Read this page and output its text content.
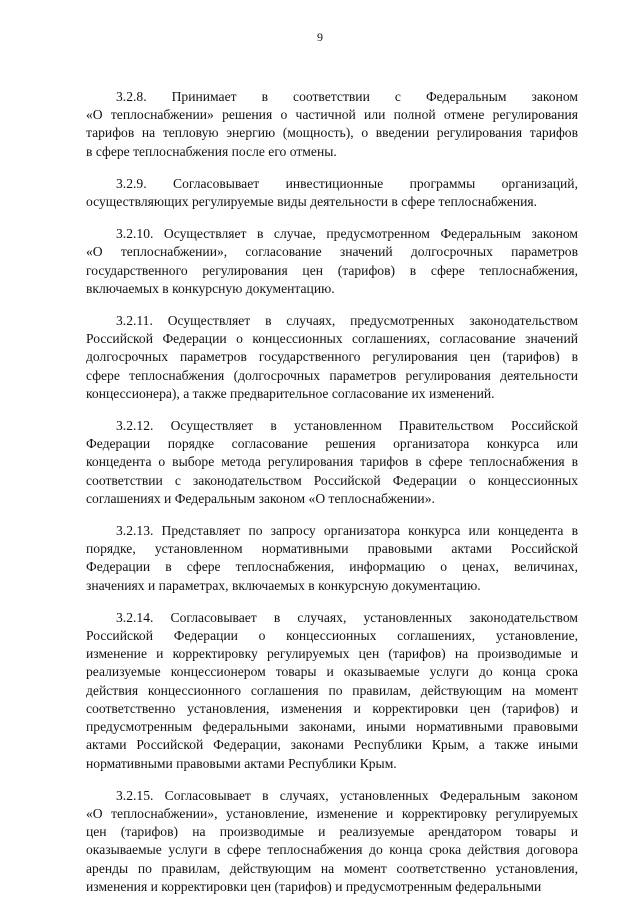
9
3.2.8. Принимает в соответствии с Федеральным законом
«О теплоснабжении» решения о частичной или полной отмене регулирования
тарифов на тепловую энергию (мощность), о введении регулирования тарифов
в сфере теплоснабжения после его отмены.
3.2.9. Согласовывает инвестиционные программы организаций,
осуществляющих регулируемые виды деятельности в сфере теплоснабжения.
3.2.10. Осуществляет в случае, предусмотренном Федеральным законом
«О теплоснабжении», согласование значений долгосрочных параметров
государственного регулирования цен (тарифов) в сфере теплоснабжения,
включаемых в конкурсную документацию.
3.2.11. Осуществляет в случаях, предусмотренных законодательством
Российской Федерации о концессионных соглашениях, согласование значений
долгосрочных параметров государственного регулирования цен (тарифов) в
сфере теплоснабжения (долгосрочных параметров регулирования деятельности
концессионера), а также предварительное согласование их изменений.
3.2.12. Осуществляет в установленном Правительством Российской
Федерации порядке согласование решения организатора конкурса или
концедента о выборе метода регулирования тарифов в сфере теплоснабжения в
соответствии с законодательством Российской Федерации о концессионных
соглашениях и Федеральным законом «О теплоснабжении».
3.2.13. Представляет по запросу организатора конкурса или концедента в
порядке, установленном нормативными правовыми актами Российской
Федерации в сфере теплоснабжения, информацию о ценах, величинах,
значениях и параметрах, включаемых в конкурсную документацию.
3.2.14. Согласовывает в случаях, установленных законодательством
Российской Федерации о концессионных соглашениях, установление,
изменение и корректировку регулируемых цен (тарифов) на производимые и
реализуемые концессионером товары и оказываемые услуги до конца срока
действия концессионного соглашения по правилам, действующим на момент
соответственно установления, изменения и корректировки цен (тарифов) и
предусмотренным федеральными законами, иными нормативными правовыми
актами Российской Федерации, законами Республики Крым, а также иными
нормативными правовыми актами Республики Крым.
3.2.15. Согласовывает в случаях, установленных Федеральным законом
«О теплоснабжении», установление, изменение и корректировку регулируемых
цен (тарифов) на производимые и реализуемые арендатором товары и
оказываемые услуги в сфере теплоснабжения до конца срока действия договора
аренды по правилам, действующим на момент соответственно установления,
изменения и корректировки цен (тарифов) и предусмотренным федеральными
